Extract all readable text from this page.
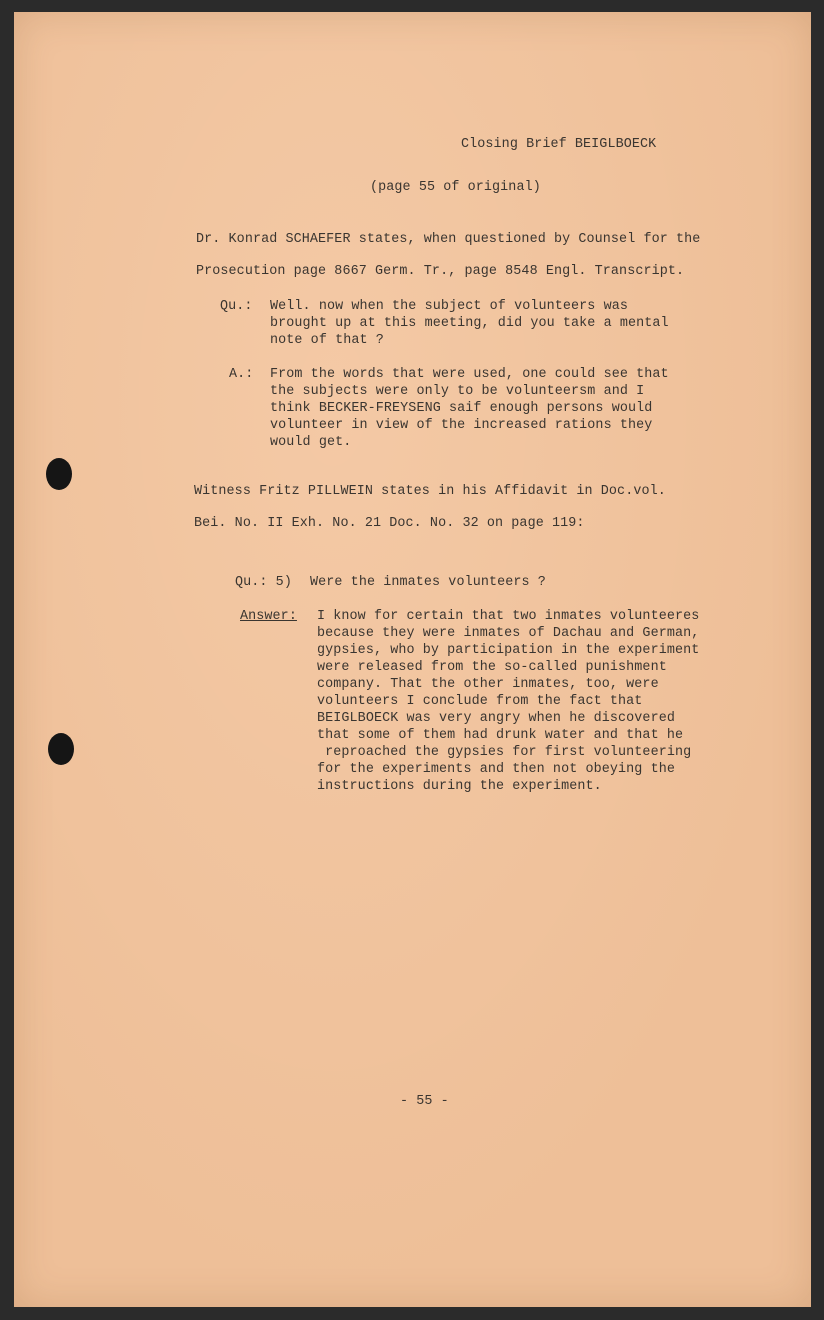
Closing Brief BEIGLBOECK
(page 55 of original)
Dr. Konrad SCHAEFER states, when questioned by Counsel for the
Prosecution page 8667 Germ. Tr., page 8548 Engl. Transcript.
Qu.: Well. now when the subject of volunteers was
brought up at this meeting, did you take a mental
note of that ?
A.: From the words that were used, one could see that
the subjects were only to be volunteersm and I
think BECKER-FREYSENG saif enough persons would
volunteer in view of the increased rations they
would get.
Witness Fritz PILLWEIN states in his Affidavit in Doc.vol.
Bei. No. II Exh. No. 21 Doc. No. 32 on page 119:
Qu.: 5) Were the inmates volunteers ?
Answer: I know for certain that two inmates volunteeres
because they were inmates of Dachau and German,
gypsies, who by participation in the experiment
were released from the so-called punishment
company. That the other inmates, too, were
volunteers I conclude from the fact that
BEIGLBOECK was very angry when he discovered
that some of them had drunk water and that he
reproached the gypsies for first volunteering
for the experiments and then not obeying the
instructions during the experiment.
- 55 -
